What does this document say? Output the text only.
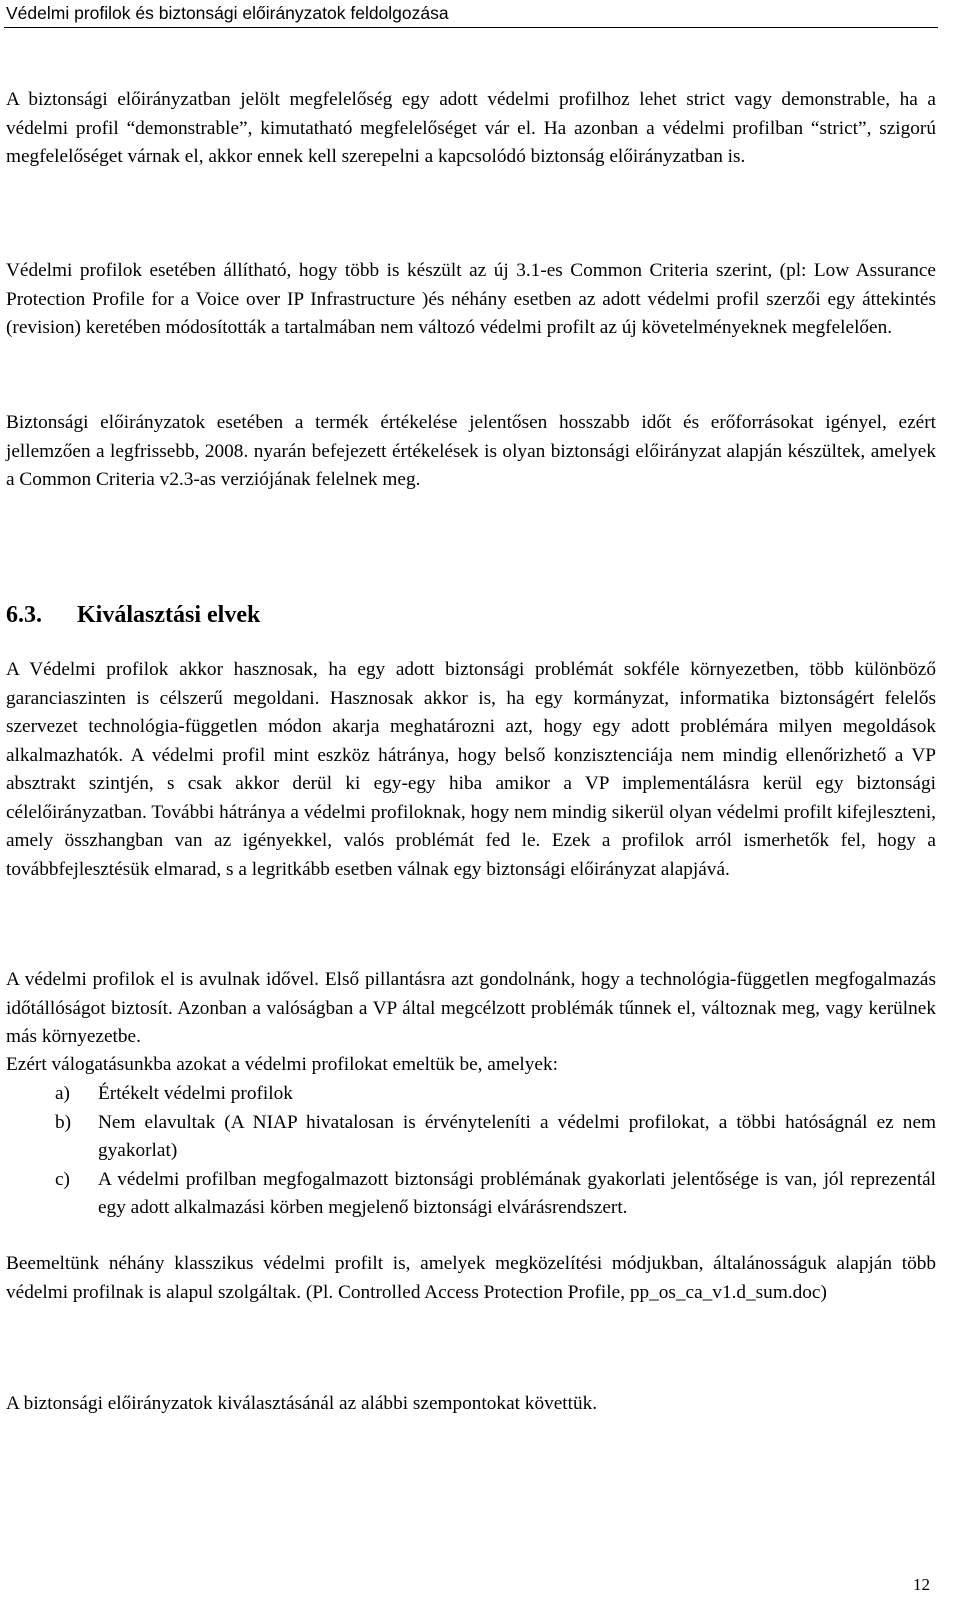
Védelmi profilok és biztonsági előirányzatok feldolgozása

A biztonsági előirányzatban jelölt megfelelőség egy adott védelmi profilhoz lehet strict vagy demonstrable, ha a védelmi profil “demonstrable”, kimutatható megfelelőséget vár el. Ha azonban a védelmi profilban “strict”, szigorú megfelelőséget várnak el, akkor ennek kell szerepelni a kapcsolódó biztonság előirányzatban is.

Védelmi profilok esetében állítható, hogy több is készült az új 3.1-es Common Criteria szerint, (pl: Low Assurance Protection Profile for a Voice over IP Infrastructure )és néhány esetben az adott védelmi profil szerzői egy áttekintés (revision) keretében módosították a tartalmában nem változó védelmi profilt az új követelményeknek megfelelően.

Biztonsági előirányzatok esetében a termék értékelése jelentősen hosszabb időt és erőforrásokat igényel, ezért jellemzően a legfrissebb, 2008. nyarán befejezett értékelések is olyan biztonsági előirányzat alapján készültek, amelyek a Common Criteria v2.3-as verziójának felelnek meg.

6.3. Kiválasztási elvek

A Védelmi profilok akkor hasznosak, ha egy adott biztonsági problémát sokféle környezetben, több különböző garanciaszinten is célszerű megoldani. Hasznosak akkor is, ha egy kormányzat, informatika biztonságért felelős szervezet technológia-független módon akarja meghatározni azt, hogy egy adott problémára milyen megoldások alkalmazhatók. A védelmi profil mint eszköz hátránya, hogy belső konzisztenciája nem mindig ellenőrizhető a VP absztrakt szintjén, s csak akkor derül ki egy-egy hiba amikor a VP implementálásra kerül egy biztonsági célelőirányzatban. További hátránya a védelmi profiloknak, hogy nem mindig sikerül olyan védelmi profilt kifejleszteni, amely összhangban van az igényekkel, valós problémát fed le. Ezek a profilok arról ismerhetők fel, hogy a továbbfejlesztésük elmarad, s a legritkább esetben válnak egy biztonsági előirányzat alapjává.

A védelmi profilok el is avulnak idővel. Első pillantásra azt gondolnánk, hogy a technológia-független megfogalmazás időtállóságot biztosít. Azonban a valóságban a VP által megcélzott problémák tűnnek el, változnak meg, vagy kerülnek más környezetbe.

Ezért válogatásunkba azokat a védelmi profilokat emeltük be, amelyek:

a) Értékelt védelmi profilok
b) Nem elavultak (A NIAP hivatalosan is érvényteleníti a védelmi profilokat, a többi hatóságnál ez nem gyakorlat)
c) A védelmi profilban megfogalmazott biztonsági problémának gyakorlati jelentősége is van, jól reprezentál egy adott alkalmazási körben megjelenő biztonsági elvárásrendszert.

Beemeltünk néhány klasszikus védelmi profilt is, amelyek megközelítési módjukban, általánosságuk alapján több védelmi profilnak is alapul szolgáltak. (Pl. Controlled Access Protection Profile, pp_os_ca_v1.d_sum.doc)

A biztonsági előirányzatok kiválasztásánál az alábbi szempontokat követtük.

12
